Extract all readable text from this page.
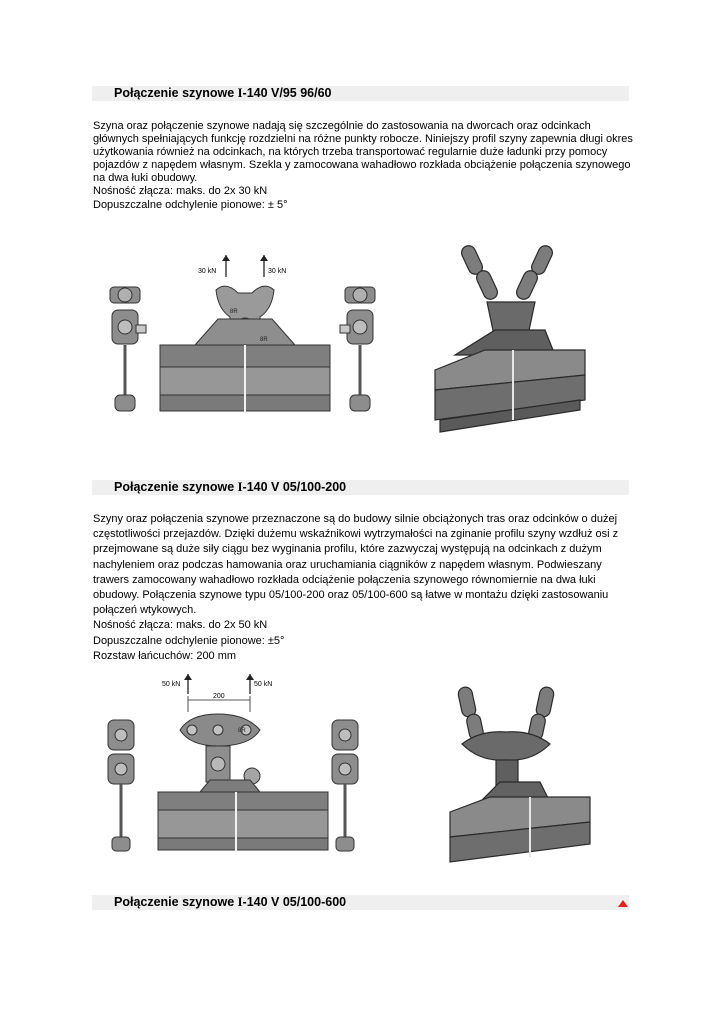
Połączenie szynowe I-140 V/95 96/60

Szyna oraz połączenie szynowe nadają się szczególnie do zastosowania na dworcach oraz odcinkach głównych spełniających funkcję rozdzielni na różne punkty robocze. Niniejszy profil szyny zapewnia długi okres użytkowania również na odcinkach, na których trzeba transportować regularnie duże ładunki przy pomocy pojazdów z napędem własnym. Szekla y zamocowana wahadłowo rozkłada obciążenie połączenia szynowego na dwa łuki obudowy.

Nośność złącza: maks. do 2x 30 kN

Dopuszczalne odchylenie pionowe: ± 5°

30 kN	30 kN
8R
8R
Połączenie szynowe I-140 V 05/100-200

Szyny oraz połączenia szynowe przeznaczone są do budowy silnie obciążonych tras oraz odcinków o dużej częstotliwości przejazdów. Dzięki dużemu wskaźnikowi wytrzymałości na zginanie profilu szyny wzdłuż osi z przejmowane są duże siły ciągu bez wyginania profilu, które zazwyczaj występują na odcinkach z dużym nachyleniem oraz podczas hamowania oraz uruchamiania ciągników z napędem własnym. Podwieszany trawers zamocowany wahadłowo rozkłada odciążenie połączenia szynowego równomiernie na dwa łuki obudowy. Połączenia szynowe typu 05/100-200 oraz 05/100-600 są łatwe w montażu dzięki zastosowaniu połączeń wtykowych.

Nośność złącza: maks. do 2x 50 kN

Dopuszczalne odchylenie pionowe: ±5°

Rozstaw łańcuchów: 200 mm

50 kN	50 kN
200
8R
Połączenie szynowe I-140 V 05/100-600
